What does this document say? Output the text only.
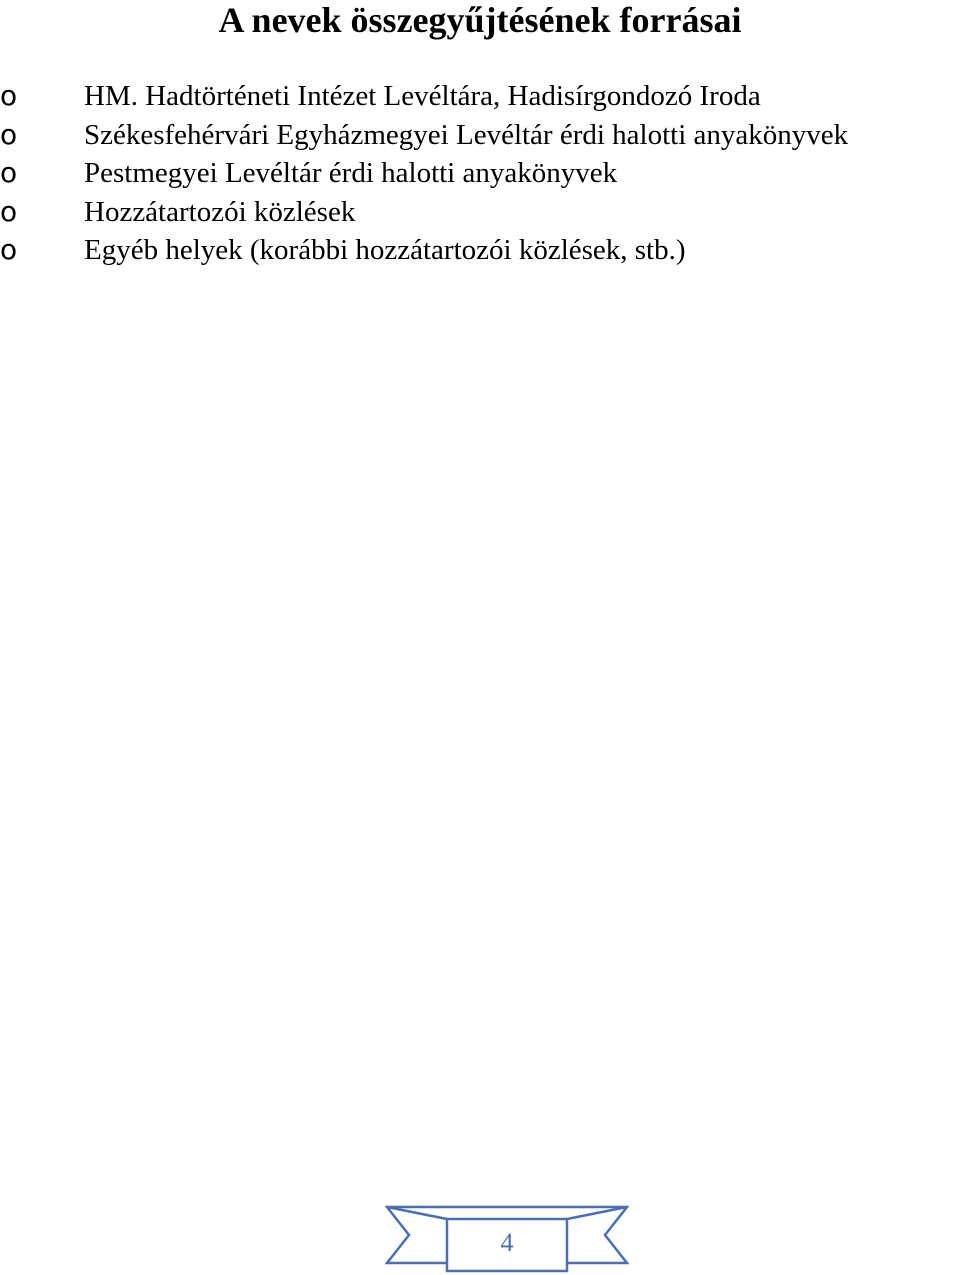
A nevek összegyűjtésének forrásai
o HM. Hadtörténeti Intézet Levéltára, Hadisírgondozó Iroda
o Székesfehérvári Egyházmegyei Levéltár érdi halotti anyakönyvek
o Pestmegyei Levéltár érdi halotti anyakönyvek
o Hozzátartozói közlések
o Egyéb helyek (korábbi hozzátartozói közlések, stb.)
4
